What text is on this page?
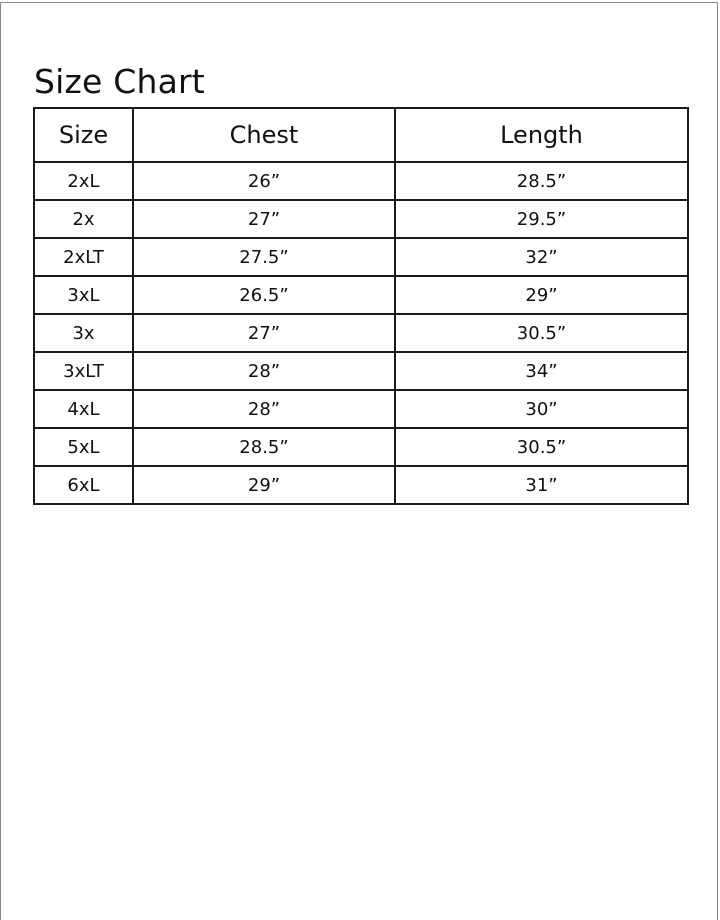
Size Chart
Size	Chest	Length
2xL	26”	28.5”
2x	27”	29.5”
2xLT	27.5”	32”
3xL	26.5”	29”
3x	27”	30.5”
3xLT	28”	34”
4xL	28”	30”
5xL	28.5”	30.5”
6xL	29”	31”
